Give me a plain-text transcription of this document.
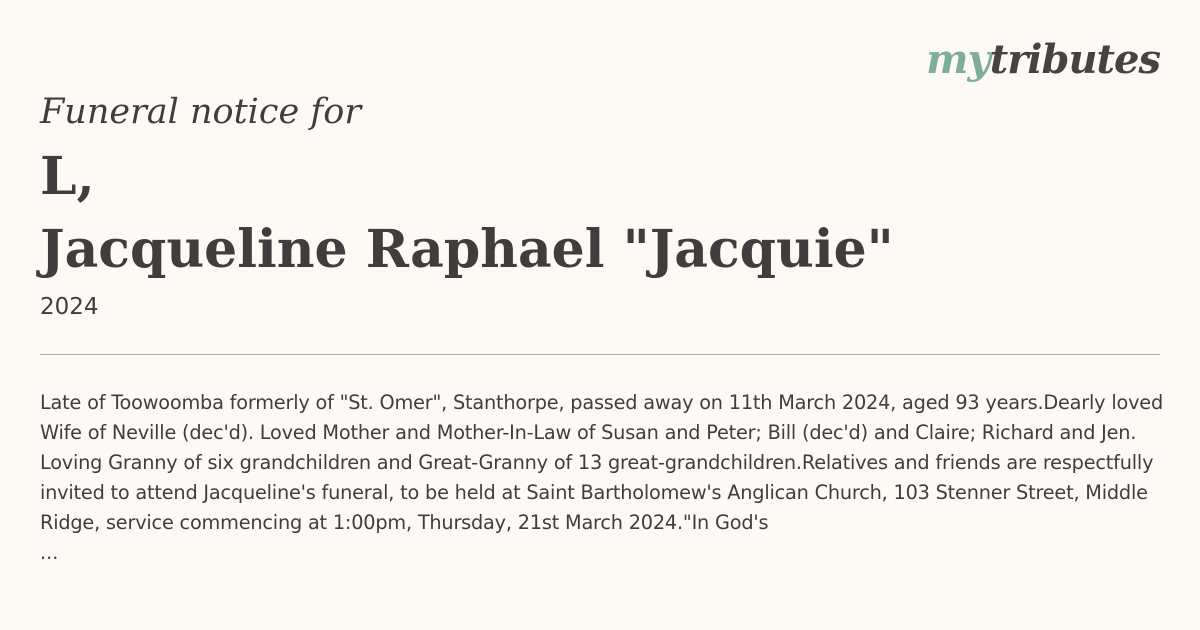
mytributes

Funeral notice for

L,
Jacqueline Raphael "Jacquie"
2024

Late of Toowoomba formerly of "St. Omer", Stanthorpe, passed away on 11th March 2024, aged 93 years.Dearly loved Wife of Neville (dec'd). Loved Mother and Mother-In-Law of Susan and Peter; Bill (dec'd) and Claire; Richard and Jen. Loving Granny of six grandchildren and Great-Granny of 13 great-grandchildren.Relatives and friends are respectfully invited to attend Jacqueline's funeral, to be held at Saint Bartholomew's Anglican Church, 103 Stenner Street, Middle Ridge, service commencing at 1:00pm, Thursday, 21st March 2024."In God's

...
